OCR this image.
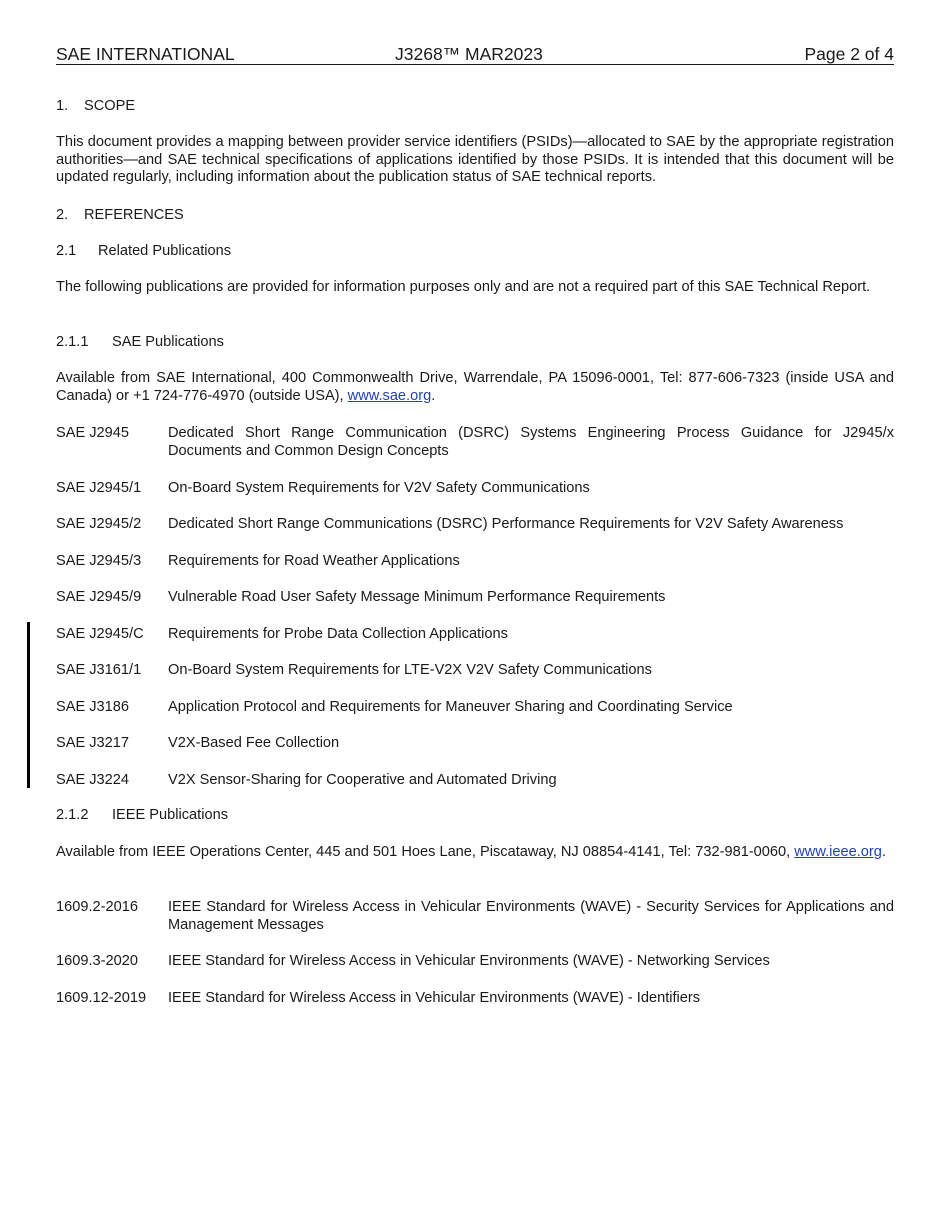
SAE INTERNATIONAL	J3268™ MAR2023	Page 2 of 4
1. SCOPE
This document provides a mapping between provider service identifiers (PSIDs)—allocated to SAE by the appropriate registration authorities—and SAE technical specifications of applications identified by those PSIDs. It is intended that this document will be updated regularly, including information about the publication status of SAE technical reports.
2. REFERENCES
2.1 Related Publications
The following publications are provided for information purposes only and are not a required part of this SAE Technical Report.
2.1.1 SAE Publications
Available from SAE International, 400 Commonwealth Drive, Warrendale, PA 15096-0001, Tel: 877-606-7323 (inside USA and Canada) or +1 724-776-4970 (outside USA), www.sae.org.
SAE J2945	Dedicated Short Range Communication (DSRC) Systems Engineering Process Guidance for J2945/x Documents and Common Design Concepts
SAE J2945/1 On-Board System Requirements for V2V Safety Communications
SAE J2945/2 Dedicated Short Range Communications (DSRC) Performance Requirements for V2V Safety Awareness
SAE J2945/3 Requirements for Road Weather Applications
SAE J2945/9 Vulnerable Road User Safety Message Minimum Performance Requirements
SAE J2945/C Requirements for Probe Data Collection Applications
SAE J3161/1 On-Board System Requirements for LTE-V2X V2V Safety Communications
SAE J3186	Application Protocol and Requirements for Maneuver Sharing and Coordinating Service
SAE J3217	V2X-Based Fee Collection
SAE J3224	V2X Sensor-Sharing for Cooperative and Automated Driving
2.1.2 IEEE Publications
Available from IEEE Operations Center, 445 and 501 Hoes Lane, Piscataway, NJ 08854-4141, Tel: 732-981-0060, www.ieee.org.
1609.2-2016 IEEE Standard for Wireless Access in Vehicular Environments (WAVE) - Security Services for Applications and Management Messages
1609.3-2020 IEEE Standard for Wireless Access in Vehicular Environments (WAVE) - Networking Services
1609.12-2019 IEEE Standard for Wireless Access in Vehicular Environments (WAVE) - Identifiers
